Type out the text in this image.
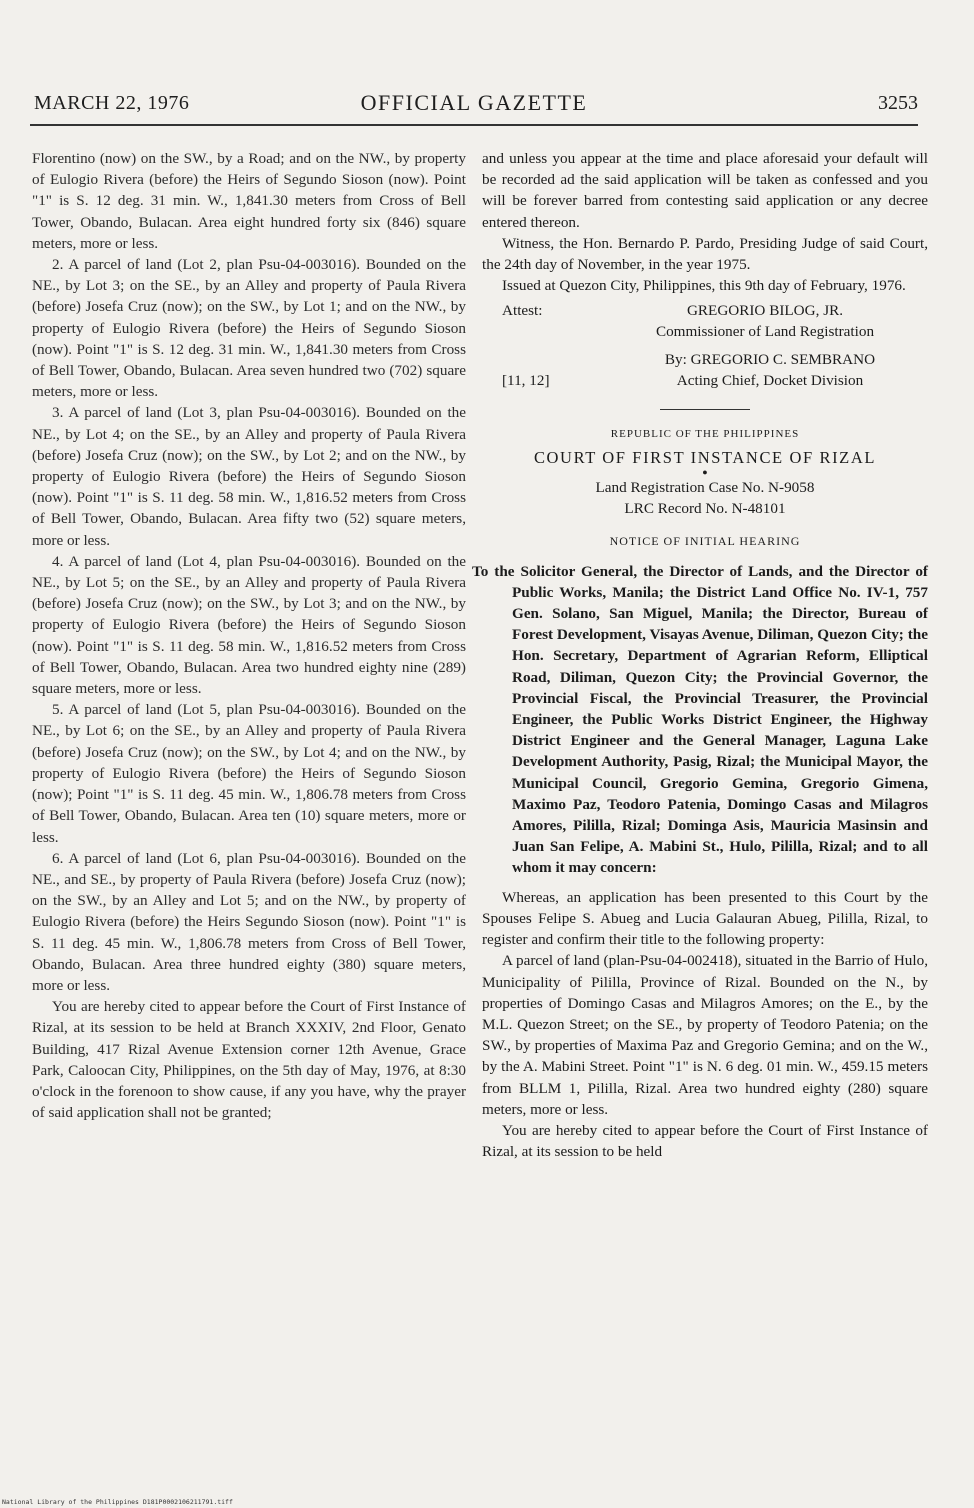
MARCH 22, 1976	OFFICIAL GAZETTE	3253

Florentino (now) on the SW., by a Road; and on the NW., by property of Eulogio Rivera (before) the Heirs of Segundo Sioson (now). Point "1" is S. 12 deg. 31 min. W., 1,841.30 meters from Cross of Bell Tower, Obando, Bulacan. Area eight hundred forty six (846) square meters, more or less.

2. A parcel of land (Lot 2, plan Psu-04-003016). Bounded on the NE., by Lot 3; on the SE., by an Alley and property of Paula Rivera (before) Josefa Cruz (now); on the SW., by Lot 1; and on the NW., by property of Eulogio Rivera (before) the Heirs of Segundo Sioson (now). Point "1" is S. 12 deg. 31 min. W., 1,841.30 meters from Cross of Bell Tower, Obando, Bulacan. Area seven hundred two (702) square meters, more or less.

3. A parcel of land (Lot 3, plan Psu-04-003016). Bounded on the NE., by Lot 4; on the SE., by an Alley and property of Paula Rivera (before) Josefa Cruz (now); on the SW., by Lot 2; and on the NW., by property of Eulogio Rivera (before) the Heirs of Segundo Sioson (now). Point "1" is S. 11 deg. 58 min. W., 1,816.52 meters from Cross of Bell Tower, Obando, Bulacan. Area fifty two (52) square meters, more or less.

4. A parcel of land (Lot 4, plan Psu-04-003016). Bounded on the NE., by Lot 5; on the SE., by an Alley and property of Paula Rivera (before) Josefa Cruz (now); on the SW., by Lot 3; and on the NW., by property of Eulogio Rivera (before) the Heirs of Segundo Sioson (now). Point "1" is S. 11 deg. 58 min. W., 1,816.52 meters from Cross of Bell Tower, Obando, Bulacan. Area two hundred eighty nine (289) square meters, more or less.

5. A parcel of land (Lot 5, plan Psu-04-003016). Bounded on the NE., by Lot 6; on the SE., by an Alley and property of Paula Rivera (before) Josefa Cruz (now); on the SW., by Lot 4; and on the NW., by property of Eulogio Rivera (before) the Heirs of Segundo Sioson (now); Point "1" is S. 11 deg. 45 min. W., 1,806.78 meters from Cross of Bell Tower, Obando, Bulacan. Area ten (10) square meters, more or less.

6. A parcel of land (Lot 6, plan Psu-04-003016). Bounded on the NE., and SE., by property of Paula Rivera (before) Josefa Cruz (now); on the SW., by an Alley and Lot 5; and on the NW., by property of Eulogio Rivera (before) the Heirs Segundo Sioson (now). Point "1" is S. 11 deg. 45 min. W., 1,806.78 meters from Cross of Bell Tower, Obando, Bulacan. Area three hundred eighty (380) square meters, more or less.

You are hereby cited to appear before the Court of First Instance of Rizal, at its session to be held at Branch XXXIV, 2nd Floor, Genato Building, 417 Rizal Avenue Extension corner 12th Avenue, Grace Park, Caloocan City, Philippines, on the 5th day of May, 1976, at 8:30 o'clock in the forenoon to show cause, if any you have, why the prayer of said application shall not be granted;

and unless you appear at the time and place aforesaid your default will be recorded ad the said application will be taken as confessed and you will be forever barred from contesting said application or any decree entered thereon.

Witness, the Hon. Bernardo P. Pardo, Presiding Judge of said Court, the 24th day of November, in the year 1975.

Issued at Quezon City, Philippines, this 9th day of February, 1976.

Attest:	GREGORIO BILOG, JR.
Commissioner of Land Registration
By: GREGORIO C. SEMBRANO
Acting Chief, Docket Division
[11, 12]
REPUBLIC OF THE PHILIPPINES
COURT OF FIRST INSTANCE OF RIZAL
●
Land Registration Case No. N-9058
LRC Record No. N-48101
NOTICE OF INITIAL HEARING

To the Solicitor General, the Director of Lands, and the Director of Public Works, Manila; the District Land Office No. IV-1, 757 Gen. Solano, San Miguel, Manila; the Director, Bureau of Forest Development, Visayas Avenue, Diliman, Quezon City; the Hon. Secretary, Department of Agrarian Reform, Elliptical Road, Diliman, Quezon City; the Provincial Governor, the Provincial Fiscal, the Provincial Treasurer, the Provincial Engineer, the Public Works District Engineer, the Highway District Engineer and the General Manager, Laguna Lake Development Authority, Pasig, Rizal; the Municipal Mayor, the Municipal Council, Gregorio Gemina, Gregorio Gimena, Maximo Paz, Teodoro Patenia, Domingo Casas and Milagros Amores, Pililla, Rizal; Dominga Asis, Mauricia Masinsin and Juan San Felipe, A. Mabini St., Hulo, Pililla, Rizal; and to all whom it may concern:

Whereas, an application has been presented to this Court by the Spouses Felipe S. Abueg and Lucia Galauran Abueg, Pililla, Rizal, to register and confirm their title to the following property:

A parcel of land (plan-Psu-04-002418), situated in the Barrio of Hulo, Municipality of Pililla, Province of Rizal. Bounded on the N., by properties of Domingo Casas and Milagros Amores; on the E., by the M.L. Quezon Street; on the SE., by property of Teodoro Patenia; on the SW., by properties of Maxima Paz and Gregorio Gemina; and on the W., by the A. Mabini Street. Point "1" is N. 6 deg. 01 min. W., 459.15 meters from BLLM 1, Pililla, Rizal. Area two hundred eighty (280) square meters, more or less.

You are hereby cited to appear before the Court of First Instance of Rizal, at its session to be held

National Library of the Philippines D181P0002106211791.tiff
